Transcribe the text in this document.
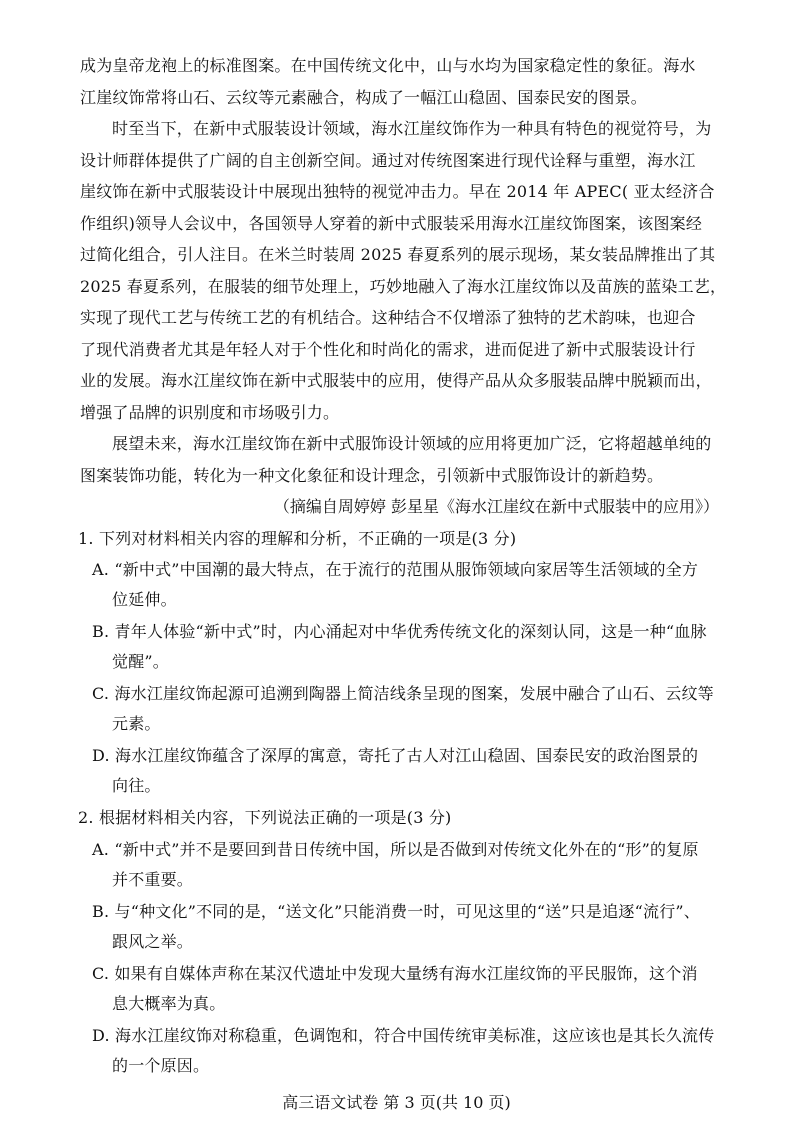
成为皇帝龙袍上的标准图案。在中国传统文化中，山与水均为国家稳定性的象征。海水
江崖纹饰常将山石、云纹等元素融合，构成了一幅江山稳固、国泰民安的图景。
时至当下，在新中式服装设计领域，海水江崖纹饰作为一种具有特色的视觉符号，为
设计师群体提供了广阔的自主创新空间。通过对传统图案进行现代诠释与重塑，海水江
崖纹饰在新中式服装设计中展现出独特的视觉冲击力。早在 2014 年 APEC( 亚太经济合
作组织)领导人会议中，各国领导人穿着的新中式服装采用海水江崖纹饰图案，该图案经
过简化组合，引人注目。在米兰时装周 2025 春夏系列的展示现场，某女装品牌推出了其
2025 春夏系列，在服装的细节处理上，巧妙地融入了海水江崖纹饰以及苗族的蓝染工艺，
实现了现代工艺与传统工艺的有机结合。这种结合不仅增添了独特的艺术韵味，也迎合
了现代消费者尤其是年轻人对于个性化和时尚化的需求，进而促进了新中式服装设计行
业的发展。海水江崖纹饰在新中式服装中的应用，使得产品从众多服装品牌中脱颖而出，
增强了品牌的识别度和市场吸引力。
展望未来，海水江崖纹饰在新中式服饰设计领域的应用将更加广泛，它将超越单纯的
图案装饰功能，转化为一种文化象征和设计理念，引领新中式服饰设计的新趋势。
（摘编自周婷婷 彭星星《海水江崖纹在新中式服装中的应用》）
1. 下列对材料相关内容的理解和分析，不正确的一项是(3 分)
A. “新中式”中国潮的最大特点，在于流行的范围从服饰领域向家居等生活领域的全方
位延伸。
B. 青年人体验“新中式”时，内心涌起对中华优秀传统文化的深刻认同，这是一种“血脉
觉醒”。
C. 海水江崖纹饰起源可追溯到陶器上简洁线条呈现的图案，发展中融合了山石、云纹等
元素。
D. 海水江崖纹饰蕴含了深厚的寓意，寄托了古人对江山稳固、国泰民安的政治图景的
向往。
2. 根据材料相关内容，下列说法正确的一项是(3 分)
A. “新中式”并不是要回到昔日传统中国，所以是否做到对传统文化外在的“形”的复原
并不重要。
B. 与“种文化”不同的是，“送文化”只能消费一时，可见这里的“送”只是追逐“流行”、
跟风之举。
C. 如果有自媒体声称在某汉代遗址中发现大量绣有海水江崖纹饰的平民服饰，这个消
息大概率为真。
D. 海水江崖纹饰对称稳重，色调饱和，符合中国传统审美标准，这应该也是其长久流传
的一个原因。
高三语文试卷 第 3 页(共 10 页)
